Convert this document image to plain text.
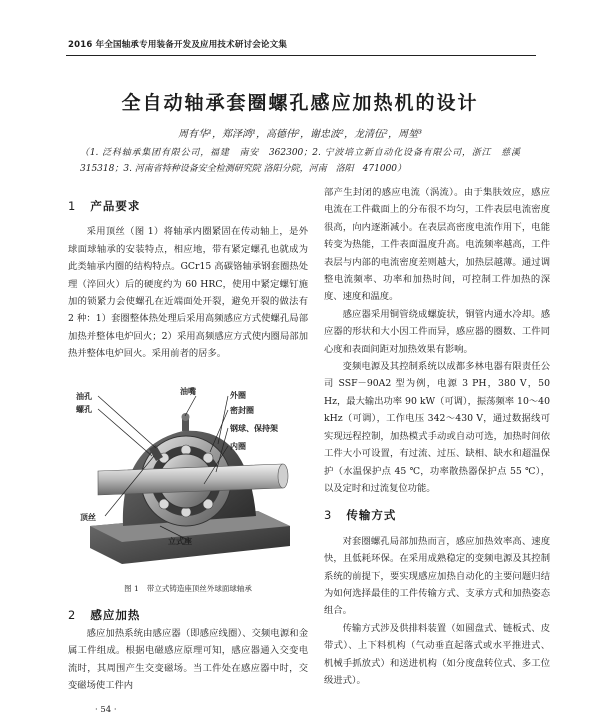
2016 年全国轴承专用装备开发及应用技术研讨会论文集
全自动轴承套圈螺孔感应加热机的设计
周有华¹，郑泽鸿¹，高德伟²，谢忠波²，龙清伍²，周堃³
（1. 泛科轴承集团有限公司，福建　南安　362300；2. 宁波培立新自动化设备有限公司，浙江　慈溪　315318；3. 河南省特种设备安全检测研究院 洛阳分院，河南　洛阳　471000）
1 产品要求

采用顶丝（图 1）将轴承内圈紧固在传动轴上，是外球面球轴承的安装特点，相应地，带有紧定螺孔也就成为此类轴承内圈的结构特点。GCr15 高碳铬轴承钢套圈热处理（淬回火）后的硬度约为 60 HRC，使用中紧定螺钉施加的锁紧力会使螺孔在近端面处开裂，避免开裂的做法有 2 种：1）套圈整体热处理后采用高频感应方式使螺孔局部加热并整体电炉回火；2）采用高频感应方式使内圈局部加热并整体电炉回火。采用前者的居多。

油孔
螺孔
顶丝
油嘴	外圈
密封圈
钢球、保持架
内圈
立式座
图 1 带立式铸造座顶丝外球面球轴承
2 感应加热

感应加热系统由感应器（即感应线圈）、交频电源和金属工件组成。根据电磁感应原理可知，感应器通入交变电流时，其周围产生交变磁场。当工件处在感应器中时，交变磁场使工件内

部产生封闭的感应电流（涡流）。由于集肤效应，感应电流在工件截面上的分布很不均匀，工件表层电流密度很高，向内逐渐减小。在表层高密度电流作用下，电能转变为热能，工件表面温度升高。电流频率越高，工件表层与内部的电流密度差则越大，加热层越薄。通过调整电流频率、功率和加热时间，可控制工件加热的深度、速度和温度。

感应器采用铜管绕成螺旋状，铜管内通水冷却。感应器的形状和大小因工件而异，感应器的圈数、工件同心度和表面间距对加热效果有影响。

变频电源及其控制系统以成都多林电器有限责任公司 SSF－90A2 型为例，电源 3 PH，380 V，50 Hz，最大输出功率 90 kW（可调），振荡频率 10～40 kHz（可调），工作电压 342～430 V，通过数据线可实现远程控制，加热模式手动或自动可选，加热时间依工件大小可设置，有过流、过压、缺相、缺水和超温保护（水温保护点 45 ℃，功率散热器保护点 55 ℃），以及定时和过流复位功能。

3 传输方式

对套圈螺孔局部加热而言，感应加热效率高、速度快，且低耗环保。在采用成熟稳定的变频电源及其控制系统的前提下，要实现感应加热自动化的主要问题归结为如何选择最佳的工件传输方式、支承方式和加热姿态组合。

传输方式涉及供排料装置（如圆盘式、链板式、皮带式）、上下料机构（气动垂直起落式或水平推进式、机械手抓放式）和送进机构（如分度盘转位式、多工位级进式）。

· 54 ·
